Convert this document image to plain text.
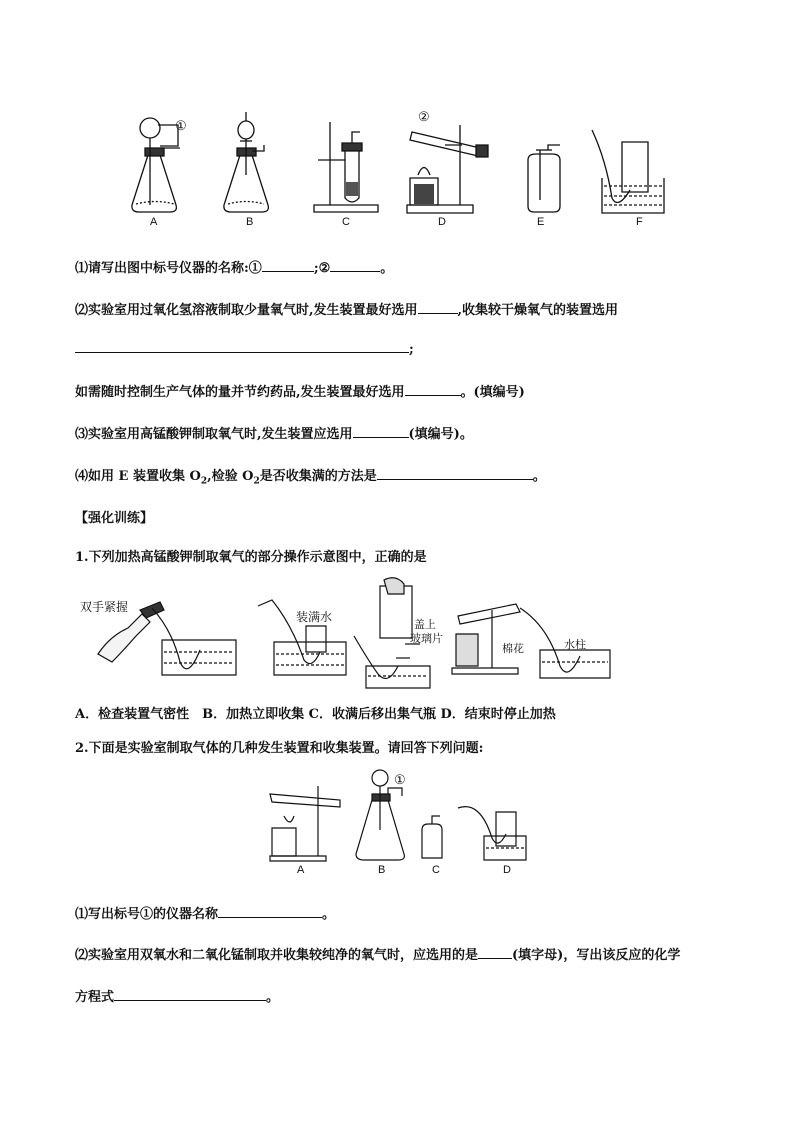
①
②
A	B	C	D	E	F
⑴请写出图中标号仪器的名称:①	;②	。
⑵实验室用过氧化氢溶液制取少量氧气时,发生装置最好选用	,收集较干燥氧气的装置选用
;
如需随时控制生产气体的量并节约药品,发生装置最好选用	。(填编号)
⑶实验室用高锰酸钾制取氧气时,发生装置应选用	(填编号)。
⑷如用 E 装置收集 $O_2$,检验 $O_2$是否收集满的方法是	。
【强化训练】
1.下列加热高锰酸钾制取氧气的部分操作示意图中，正确的是
双手紧握
装满水
盖上
玻璃片
棉花	水柱
A．检查装置气密性　B．加热立即收集 C．收满后移出集气瓶 D．结束时停止加热
2.下面是实验室制取气体的几种发生装置和收集装置。请回答下列问题:
①
A	B	C	D
⑴写出标号①的仪器名称	。
⑵实验室用双氧水和二氧化锰制取并收集较纯净的氧气时，应选用的是	(填字母)，写出该反应的化学
方程式	。
